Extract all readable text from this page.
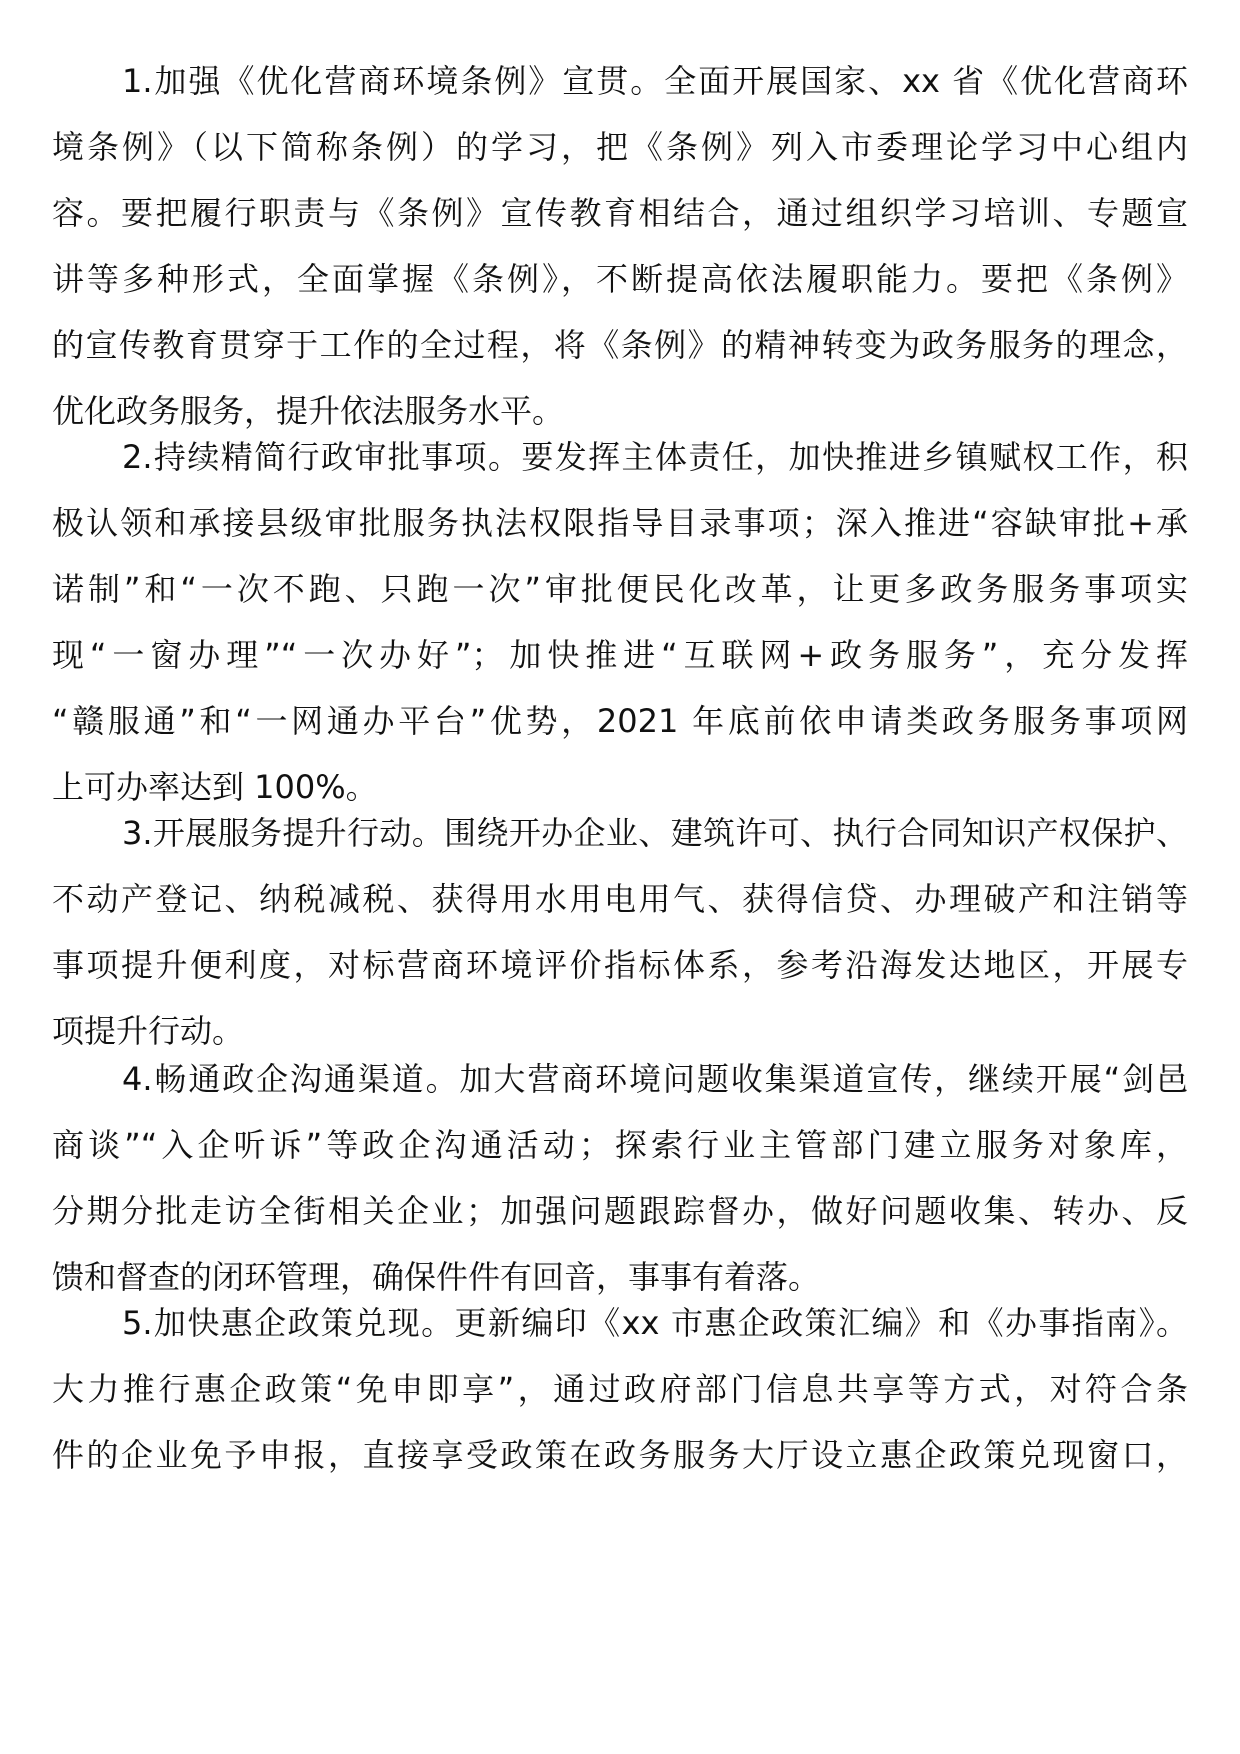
1.加强《优化营商环境条例》宣贯。全面开展国家、xx 省《优化营商环
境条例》（以下简称条例）的学习，把《条例》列入市委理论学习中心组内
容。要把履行职责与《条例》宣传教育相结合，通过组织学习培训、专题宣
讲等多种形式，全面掌握《条例》，不断提高依法履职能力。要把《条例》
的宣传教育贯穿于工作的全过程，将《条例》的精神转变为政务服务的理念，
优化政务服务，提升依法服务水平。
2.持续精简行政审批事项。要发挥主体责任，加快推进乡镇赋权工作，积
极认领和承接县级审批服务执法权限指导目录事项；深入推进“容缺审批+承
诺制”和“一次不跑、只跑一次”审批便民化改革，让更多政务服务事项实
现“一窗办理”“一次办好”；加快推进“互联网+政务服务”，充分发挥
“赣服通”和“一网通办平台”优势，2021 年底前依申请类政务服务事项网
上可办率达到 100%。
3.开展服务提升行动。围绕开办企业、建筑许可、执行合同知识产权保护、
不动产登记、纳税减税、获得用水用电用气、获得信贷、办理破产和注销等
事项提升便利度，对标营商环境评价指标体系，参考沿海发达地区，开展专
项提升行动。
4.畅通政企沟通渠道。加大营商环境问题收集渠道宣传，继续开展“剑邑
商谈”“入企听诉”等政企沟通活动；探索行业主管部门建立服务对象库，
分期分批走访全街相关企业；加强问题跟踪督办，做好问题收集、转办、反
馈和督查的闭环管理，确保件件有回音，事事有着落。
5.加快惠企政策兑现。更新编印《xx 市惠企政策汇编》和《办事指南》。
大力推行惠企政策“免申即享”，通过政府部门信息共享等方式，对符合条
件的企业免予申报，直接享受政策在政务服务大厅设立惠企政策兑现窗口，
